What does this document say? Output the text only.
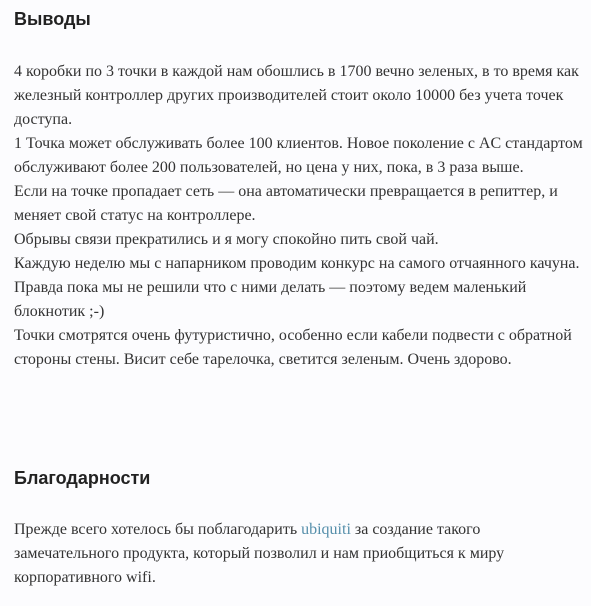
Выводы
4 коробки по 3 точки в каждой нам обошлись в 1700 вечно зеленых, в то время как железный контроллер других производителей стоит около 10000 без учета точек доступа.
1 Точка может обслуживать более 100 клиентов. Новое поколение с AC стандартом обслуживают более 200 пользователей, но цена у них, пока, в 3 раза выше.
Если на точке пропадает сеть — она автоматически превращается в репиттер, и меняет свой статус на контроллере.
Обрывы связи прекратились и я могу спокойно пить свой чай.
Каждую неделю мы с напарником проводим конкурс на самого отчаянного качуна. Правда пока мы не решили что с ними делать — поэтому ведем маленький блокнотик ;-)
Точки смотрятся очень футуристично, особенно если кабели подвести с обратной стороны стены. Висит себе тарелочка, светится зеленым. Очень здорово.
Благодарности
Прежде всего хотелось бы поблагодарить ubiquiti за создание такого замечательного продукта, который позволил и нам приобщиться к миру корпоративного wifi.
